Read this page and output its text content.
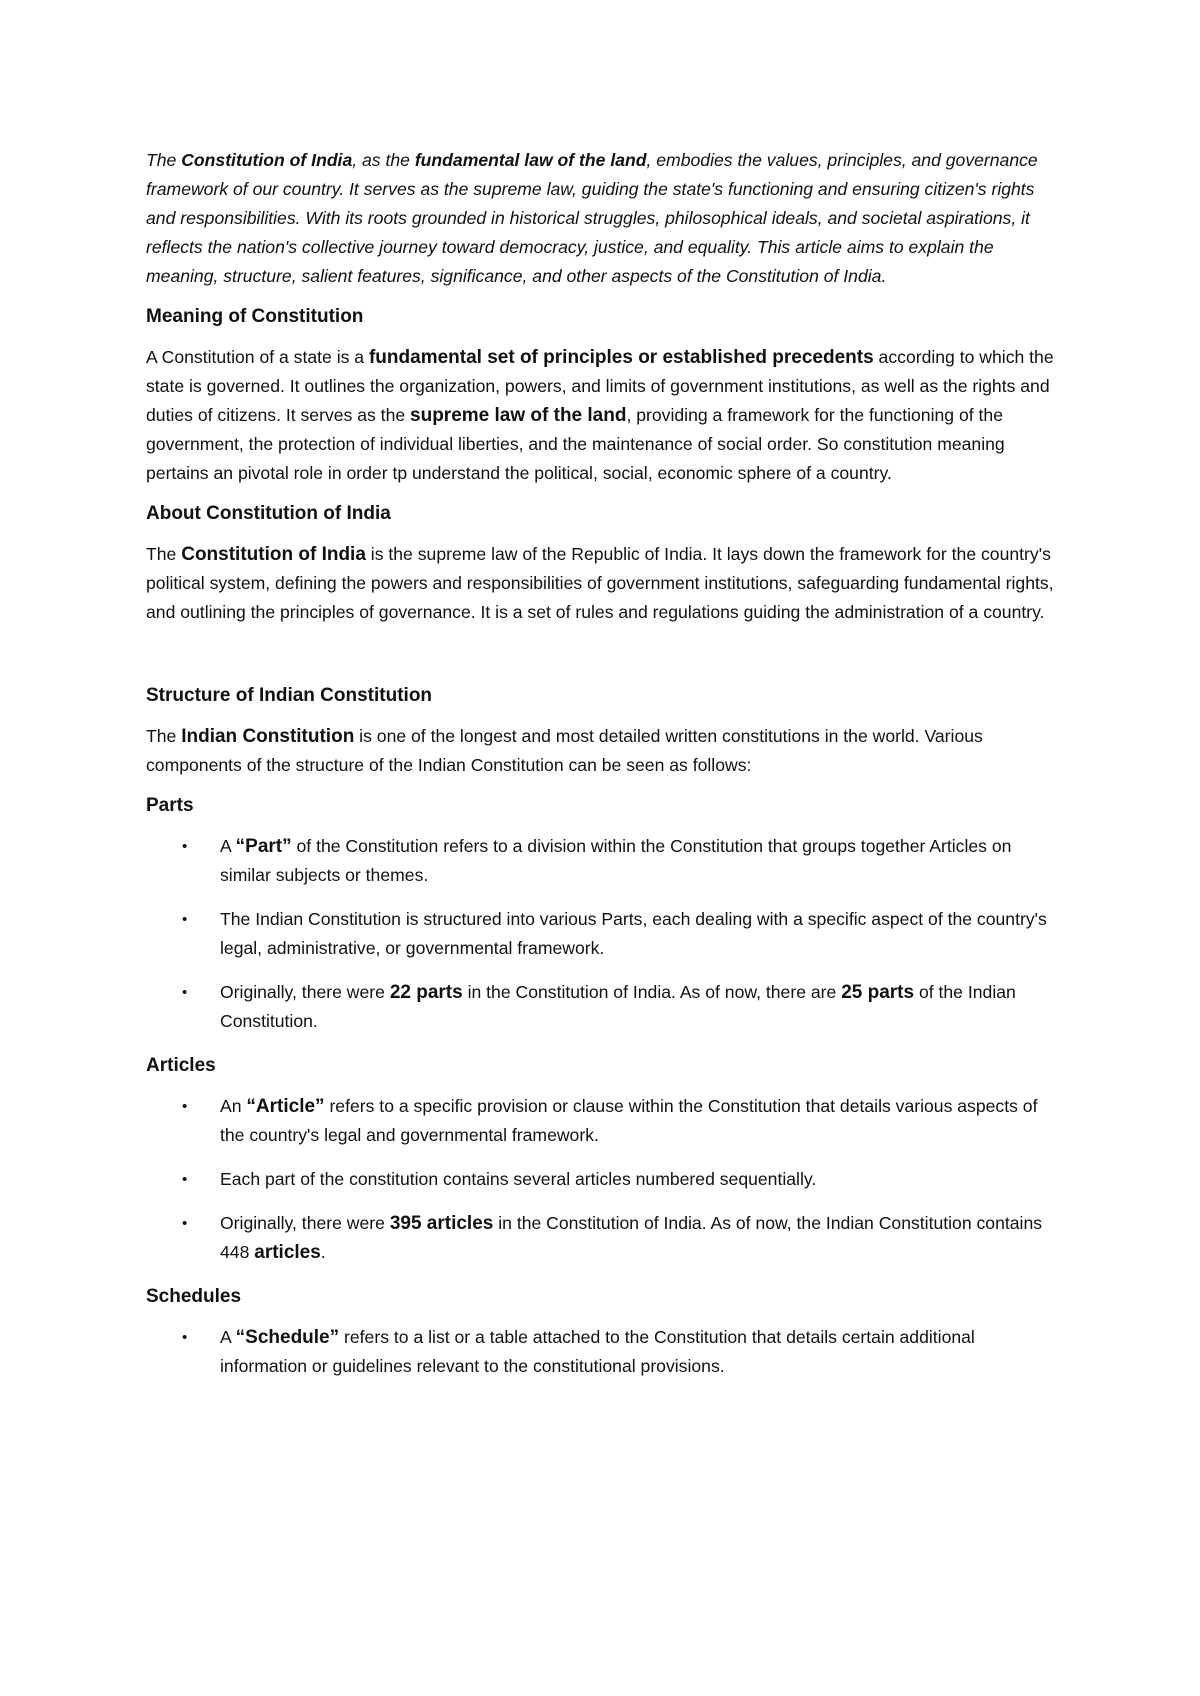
The Constitution of India, as the fundamental law of the land, embodies the values, principles, and governance framework of our country. It serves as the supreme law, guiding the state's functioning and ensuring citizen's rights and responsibilities. With its roots grounded in historical struggles, philosophical ideals, and societal aspirations, it reflects the nation's collective journey toward democracy, justice, and equality. This article aims to explain the meaning, structure, salient features, significance, and other aspects of the Constitution of India.

Meaning of Constitution

A Constitution of a state is a fundamental set of principles or established precedents according to which the state is governed. It outlines the organization, powers, and limits of government institutions, as well as the rights and duties of citizens. It serves as the supreme law of the land, providing a framework for the functioning of the government, the protection of individual liberties, and the maintenance of social order. So constitution meaning pertains an pivotal role in order tp understand the political, social, economic sphere of a country.

About Constitution of India

The Constitution of India is the supreme law of the Republic of India. It lays down the framework for the country's political system, defining the powers and responsibilities of government institutions, safeguarding fundamental rights, and outlining the principles of governance. It is a set of rules and regulations guiding the administration of a country.

Structure of Indian Constitution

The Indian Constitution is one of the longest and most detailed written constitutions in the world. Various components of the structure of the Indian Constitution can be seen as follows:

Parts
• A “Part” of the Constitution refers to a division within the Constitution that groups together Articles on similar subjects or themes.

• The Indian Constitution is structured into various Parts, each dealing with a specific aspect of the country's legal, administrative, or governmental framework.

• Originally, there were 22 parts in the Constitution of India. As of now, there are 25 parts of the Indian Constitution.

Articles
• An “Article” refers to a specific provision or clause within the Constitution that details various aspects of the country's legal and governmental framework.

• Each part of the constitution contains several articles numbered sequentially.

• Originally, there were 395 articles in the Constitution of India. As of now, the Indian Constitution contains 448 articles.

Schedules
• A “Schedule” refers to a list or a table attached to the Constitution that details certain additional information or guidelines relevant to the constitutional provisions.
